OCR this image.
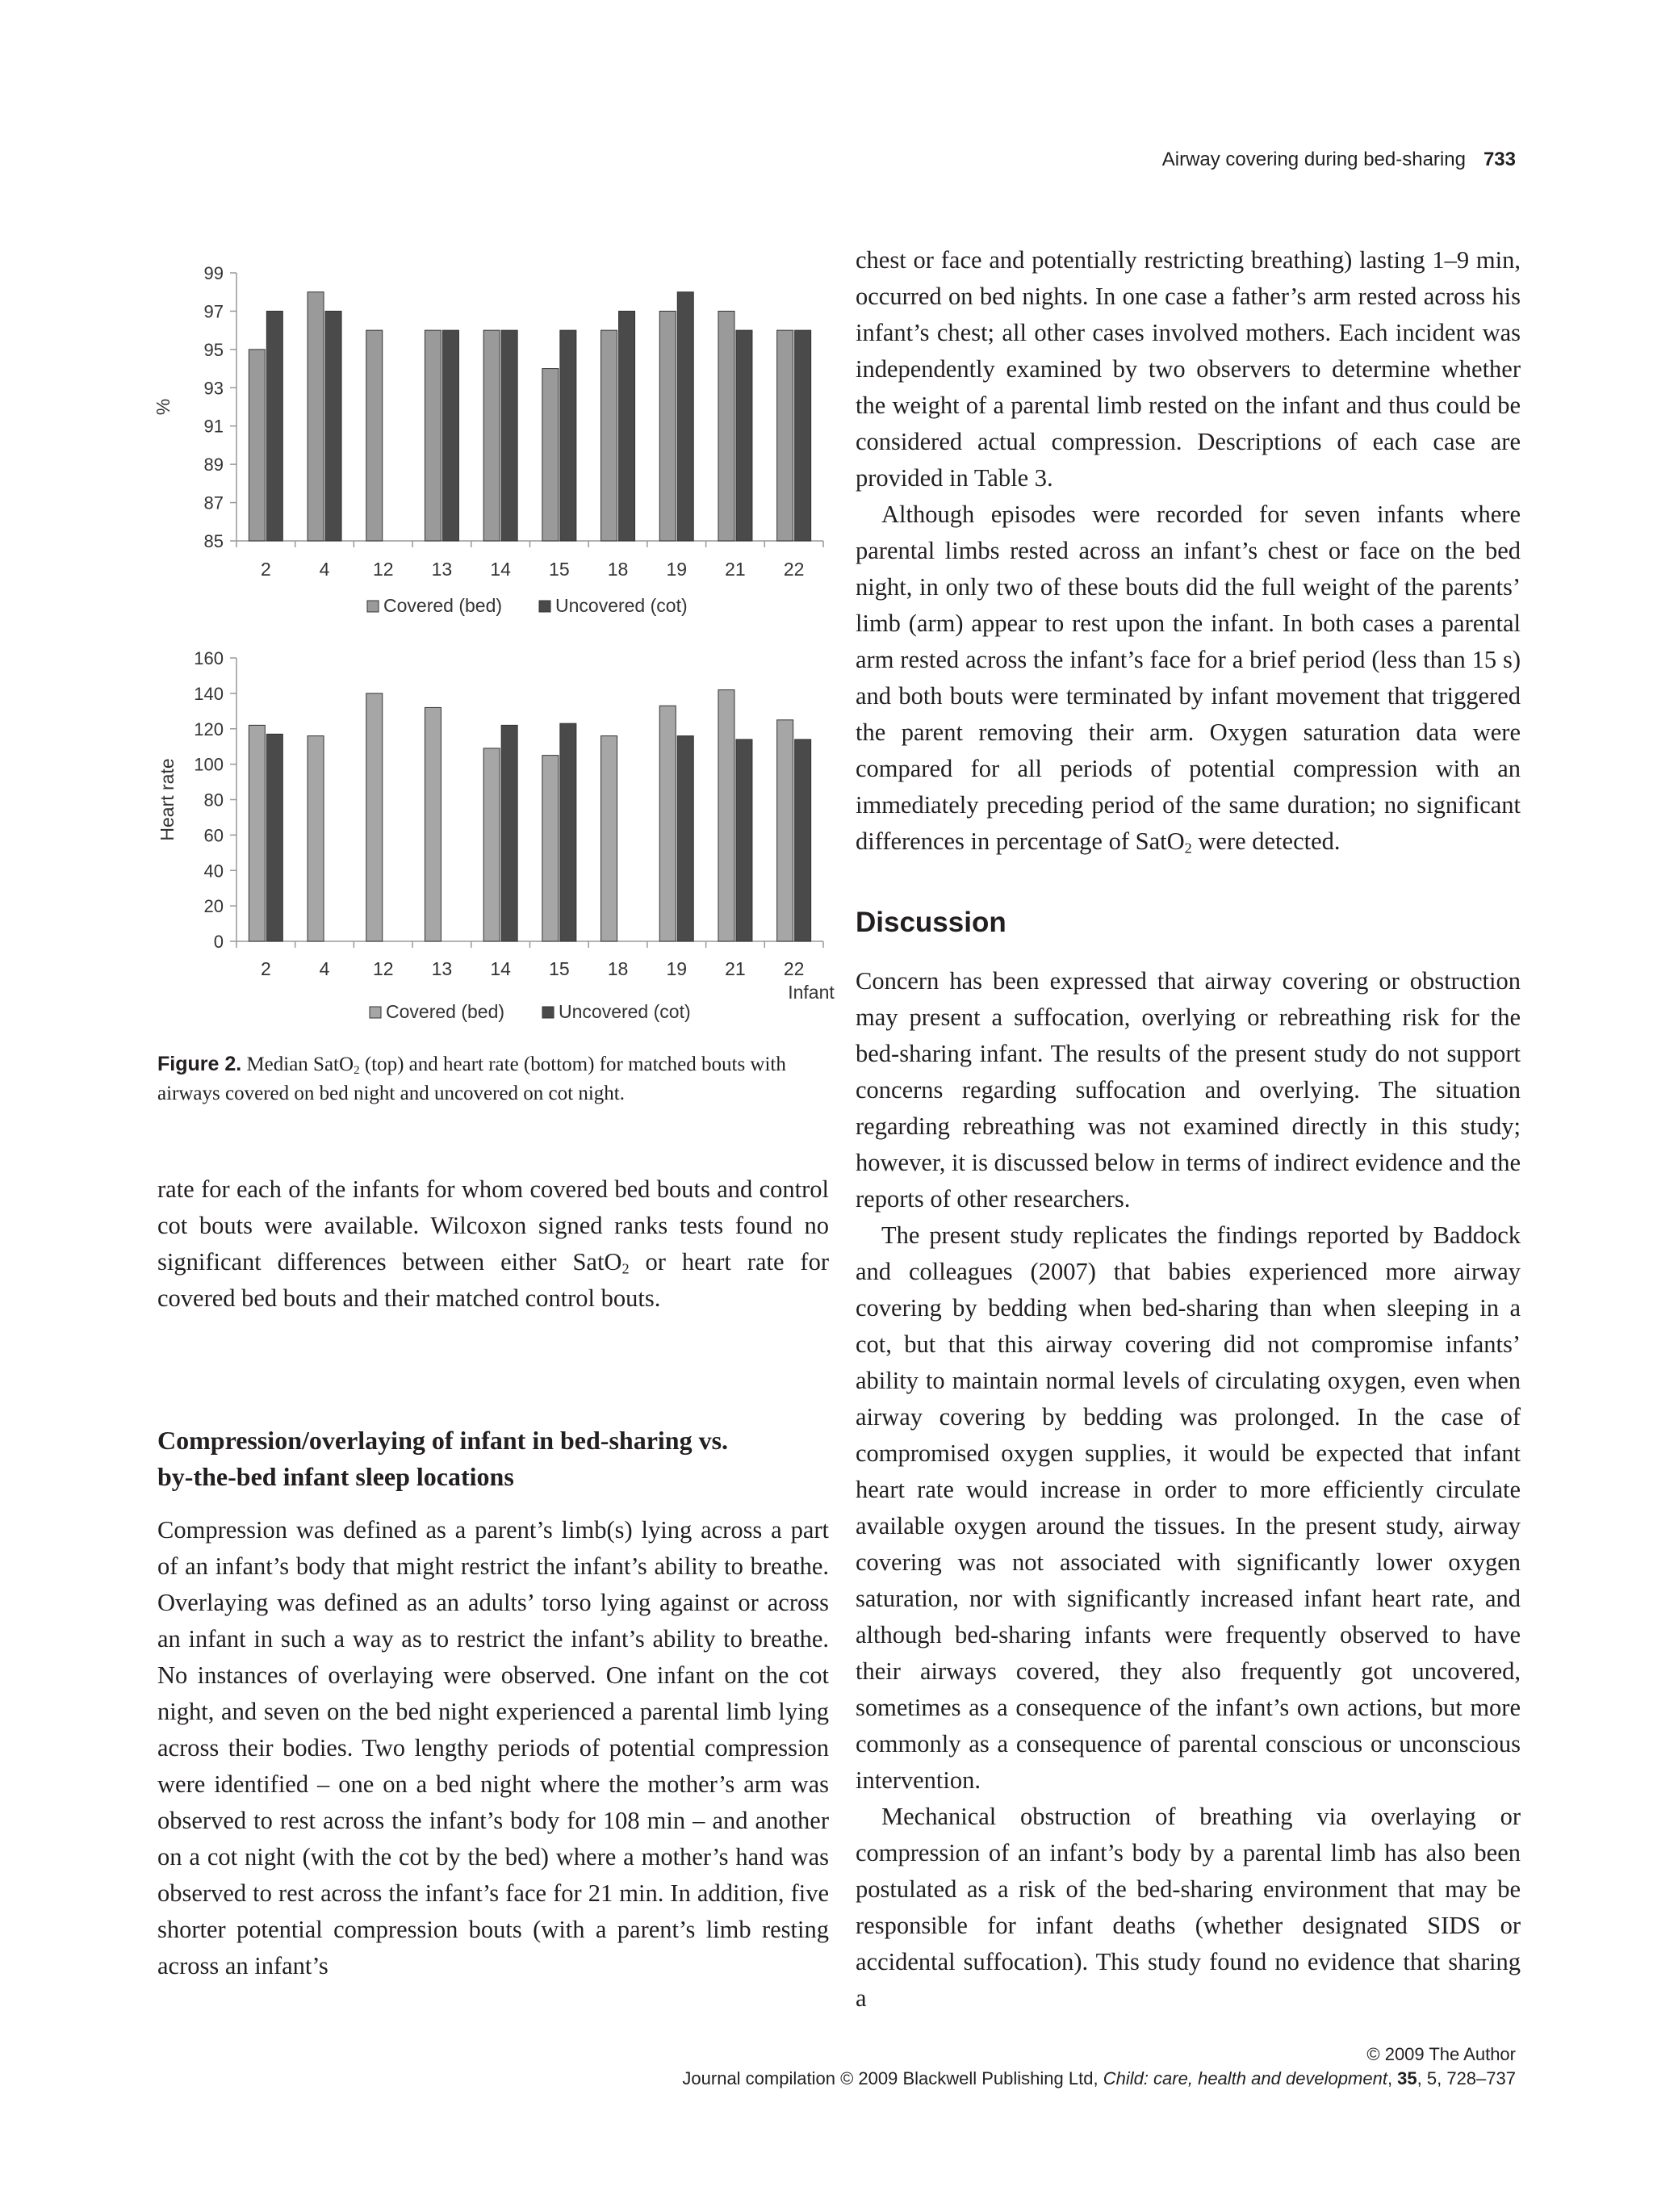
Airway covering during bed-sharing 733
85
87
89
91
93
95
97
99
%
2	4 12 13 14 15 18 19 21 22
Covered (bed)	Uncovered (cot)
0
20
40
60
80
100
120
140
160
Heart rate
2	4 12 13 14 15 18 19 21 22
Covered (bed)	Uncovered (cot)
Infant
Figure 2. Median SatO$_2$ (top) and heart rate (bottom) for matched bouts with airways covered on bed night and uncovered on cot night.

rate for each of the infants for whom covered bed bouts and control cot bouts were available. Wilcoxon signed ranks tests found no significant differences between either SatO$_2$ or heart rate for covered bed bouts and their matched control bouts.

Compression/overlaying of infant in bed-sharing vs.
by-the-bed infant sleep locations

Compression was defined as a parent’s limb(s) lying across a part of an infant’s body that might restrict the infant’s ability to breathe. Overlaying was defined as an adults’ torso lying against or across an infant in such a way as to restrict the infant’s ability to breathe. No instances of overlaying were observed. One infant on the cot night, and seven on the bed night experienced a parental limb lying across their bodies. Two lengthy periods of potential compression were identified – one on a bed night where the mother’s arm was observed to rest across the infant’s body for 108 min – and another on a cot night (with the cot by the bed) where a mother’s hand was observed to rest across the infant’s face for 21 min. In addition, five shorter potential compression bouts (with a parent’s limb resting across an infant’s

chest or face and potentially restricting breathing) lasting 1–9 min, occurred on bed nights. In one case a father’s arm rested across his infant’s chest; all other cases involved mothers. Each incident was independently examined by two observers to determine whether the weight of a parental limb rested on the infant and thus could be considered actual compression. Descriptions of each case are provided in Table 3.

Although episodes were recorded for seven infants where parental limbs rested across an infant’s chest or face on the bed night, in only two of these bouts did the full weight of the parents’ limb (arm) appear to rest upon the infant. In both cases a parental arm rested across the infant’s face for a brief period (less than 15 s) and both bouts were terminated by infant movement that triggered the parent removing their arm. Oxygen saturation data were compared for all periods of potential compression with an immediately preceding period of the same duration; no significant differences in percentage of SatO$_2$ were detected.

Discussion

Concern has been expressed that airway covering or obstruction may present a suffocation, overlying or rebreathing risk for the bed-sharing infant. The results of the present study do not support concerns regarding suffocation and overlying. The situation regarding rebreathing was not examined directly in this study; however, it is discussed below in terms of indirect evidence and the reports of other researchers.

The present study replicates the findings reported by Baddock and colleagues (2007) that babies experienced more airway covering by bedding when bed-sharing than when sleeping in a cot, but that this airway covering did not compromise infants’ ability to maintain normal levels of circulating oxygen, even when airway covering by bedding was prolonged. In the case of compromised oxygen supplies, it would be expected that infant heart rate would increase in order to more efficiently circulate available oxygen around the tissues. In the present study, airway covering was not associated with significantly lower oxygen saturation, nor with significantly increased infant heart rate, and although bed-sharing infants were frequently observed to have their airways covered, they also frequently got uncovered, sometimes as a consequence of the infant’s own actions, but more commonly as a consequence of parental conscious or unconscious intervention.

Mechanical obstruction of breathing via overlaying or compression of an infant’s body by a parental limb has also been postulated as a risk of the bed-sharing environment that may be responsible for infant deaths (whether designated SIDS or accidental suffocation). This study found no evidence that sharing a

© 2009 The Author
Journal compilation © 2009 Blackwell Publishing Ltd, Child: care, health and development, 35, 5, 728–737
